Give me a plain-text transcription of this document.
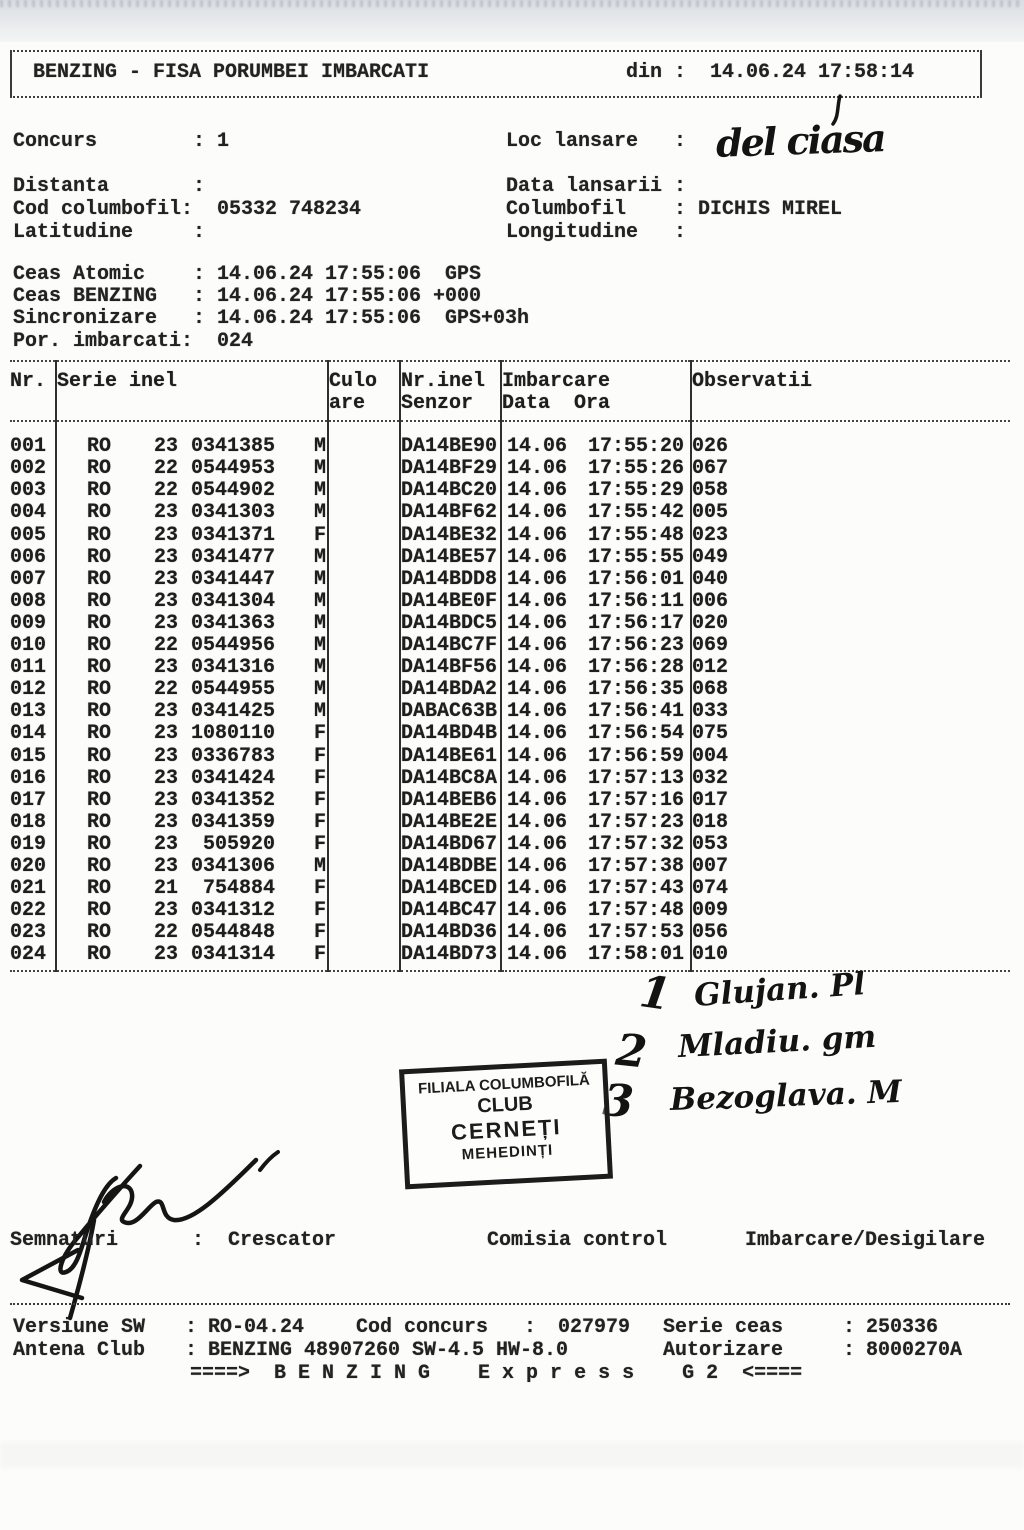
BENZING - FISA PORUMBEI IMBARCATI	din :  14.06.24 17:58:14
Concurs	: 1	Loc lansare : del ciasa
Distanta	:	Data lansarii :
Cod columbofil : 05332 748234	Columbofil : DICHIS MIREL
Latitudine	:	Longitudine :
Ceas Atomic : 14.06.24 17:55:06  GPS
Ceas BENZING : 14.06.24 17:55:06 +000
Sincronizare : 14.06.24 17:55:06  GPS+03h
Por. imbarcati : 024
Nr.	Serie inel	Culo	Nr.inel	Imbarcare	Observatii
		are	Senzor	Data  Ora	
001	RO 23 0341385 M		DA14BE90	14.06 17:55:20	026
002	RO 22 0544953 M		DA14BF29	14.06 17:55:26	067
003	RO 22 0544902 M		DA14BC20	14.06 17:55:29	058
004	RO 23 0341303 M		DA14BF62	14.06 17:55:42	005
005	RO 23 0341371 F		DA14BE32	14.06 17:55:48	023
006	RO 23 0341477 M		DA14BE57	14.06 17:55:55	049
007	RO 23 0341447 M		DA14BDD8	14.06 17:56:01	040
008	RO 23 0341304 M		DA14BE0F	14.06 17:56:11	006
009	RO 23 0341363 M		DA14BDC5	14.06 17:56:17	020
010	RO 22 0544956 M		DA14BC7F	14.06 17:56:23	069
011	RO 23 0341316 M		DA14BF56	14.06 17:56:28	012
012	RO 22 0544955 M		DA14BDA2	14.06 17:56:35	068
013	RO 23 0341425 M		DABAC63B	14.06 17:56:41	033
014	RO 23 1080110 F		DA14BD4B	14.06 17:56:54	075
015	RO 23 0336783 F		DA14BE61	14.06 17:56:59	004
016	RO 23 0341424 F		DA14BC8A	14.06 17:57:13	032
017	RO 23 0341352 F		DA14BEB6	14.06 17:57:16	017
018	RO 23 0341359 F		DA14BE2E	14.06 17:57:23	018
019	RO 23 505920 F		DA14BD67	14.06 17:57:32	053
020	RO 23 0341306 M		DA14BDBE	14.06 17:57:38	007
021	RO 21 754884 F		DA14BCED	14.06 17:57:43	074
022	RO 23 0341312 F		DA14BC47	14.06 17:57:48	009
023	RO 22 0544848 F		DA14BD36	14.06 17:57:53	056
024	RO 23 0341314 F		DA14BD73	14.06 17:58:01	010
1 Glujan. Pl
2 Mladiu. gm
3 Bezoglava. M
FILIALA COLUMBOFILĂ
CLUB
CERNEȚI
MEHEDINȚI
Semnaturi	: Crescator	Comisia control	Imbarcare/Desigilare
Versiune SW : RO-04.24	Cod concurs : 027979 Serie ceas	: 250336
Antena Club : BENZING 48907260 SW-4.5 HW-8.0	Autorizare	: 8000270A
====>  B E N Z I N G    E x p r e s s    G 2  <====
